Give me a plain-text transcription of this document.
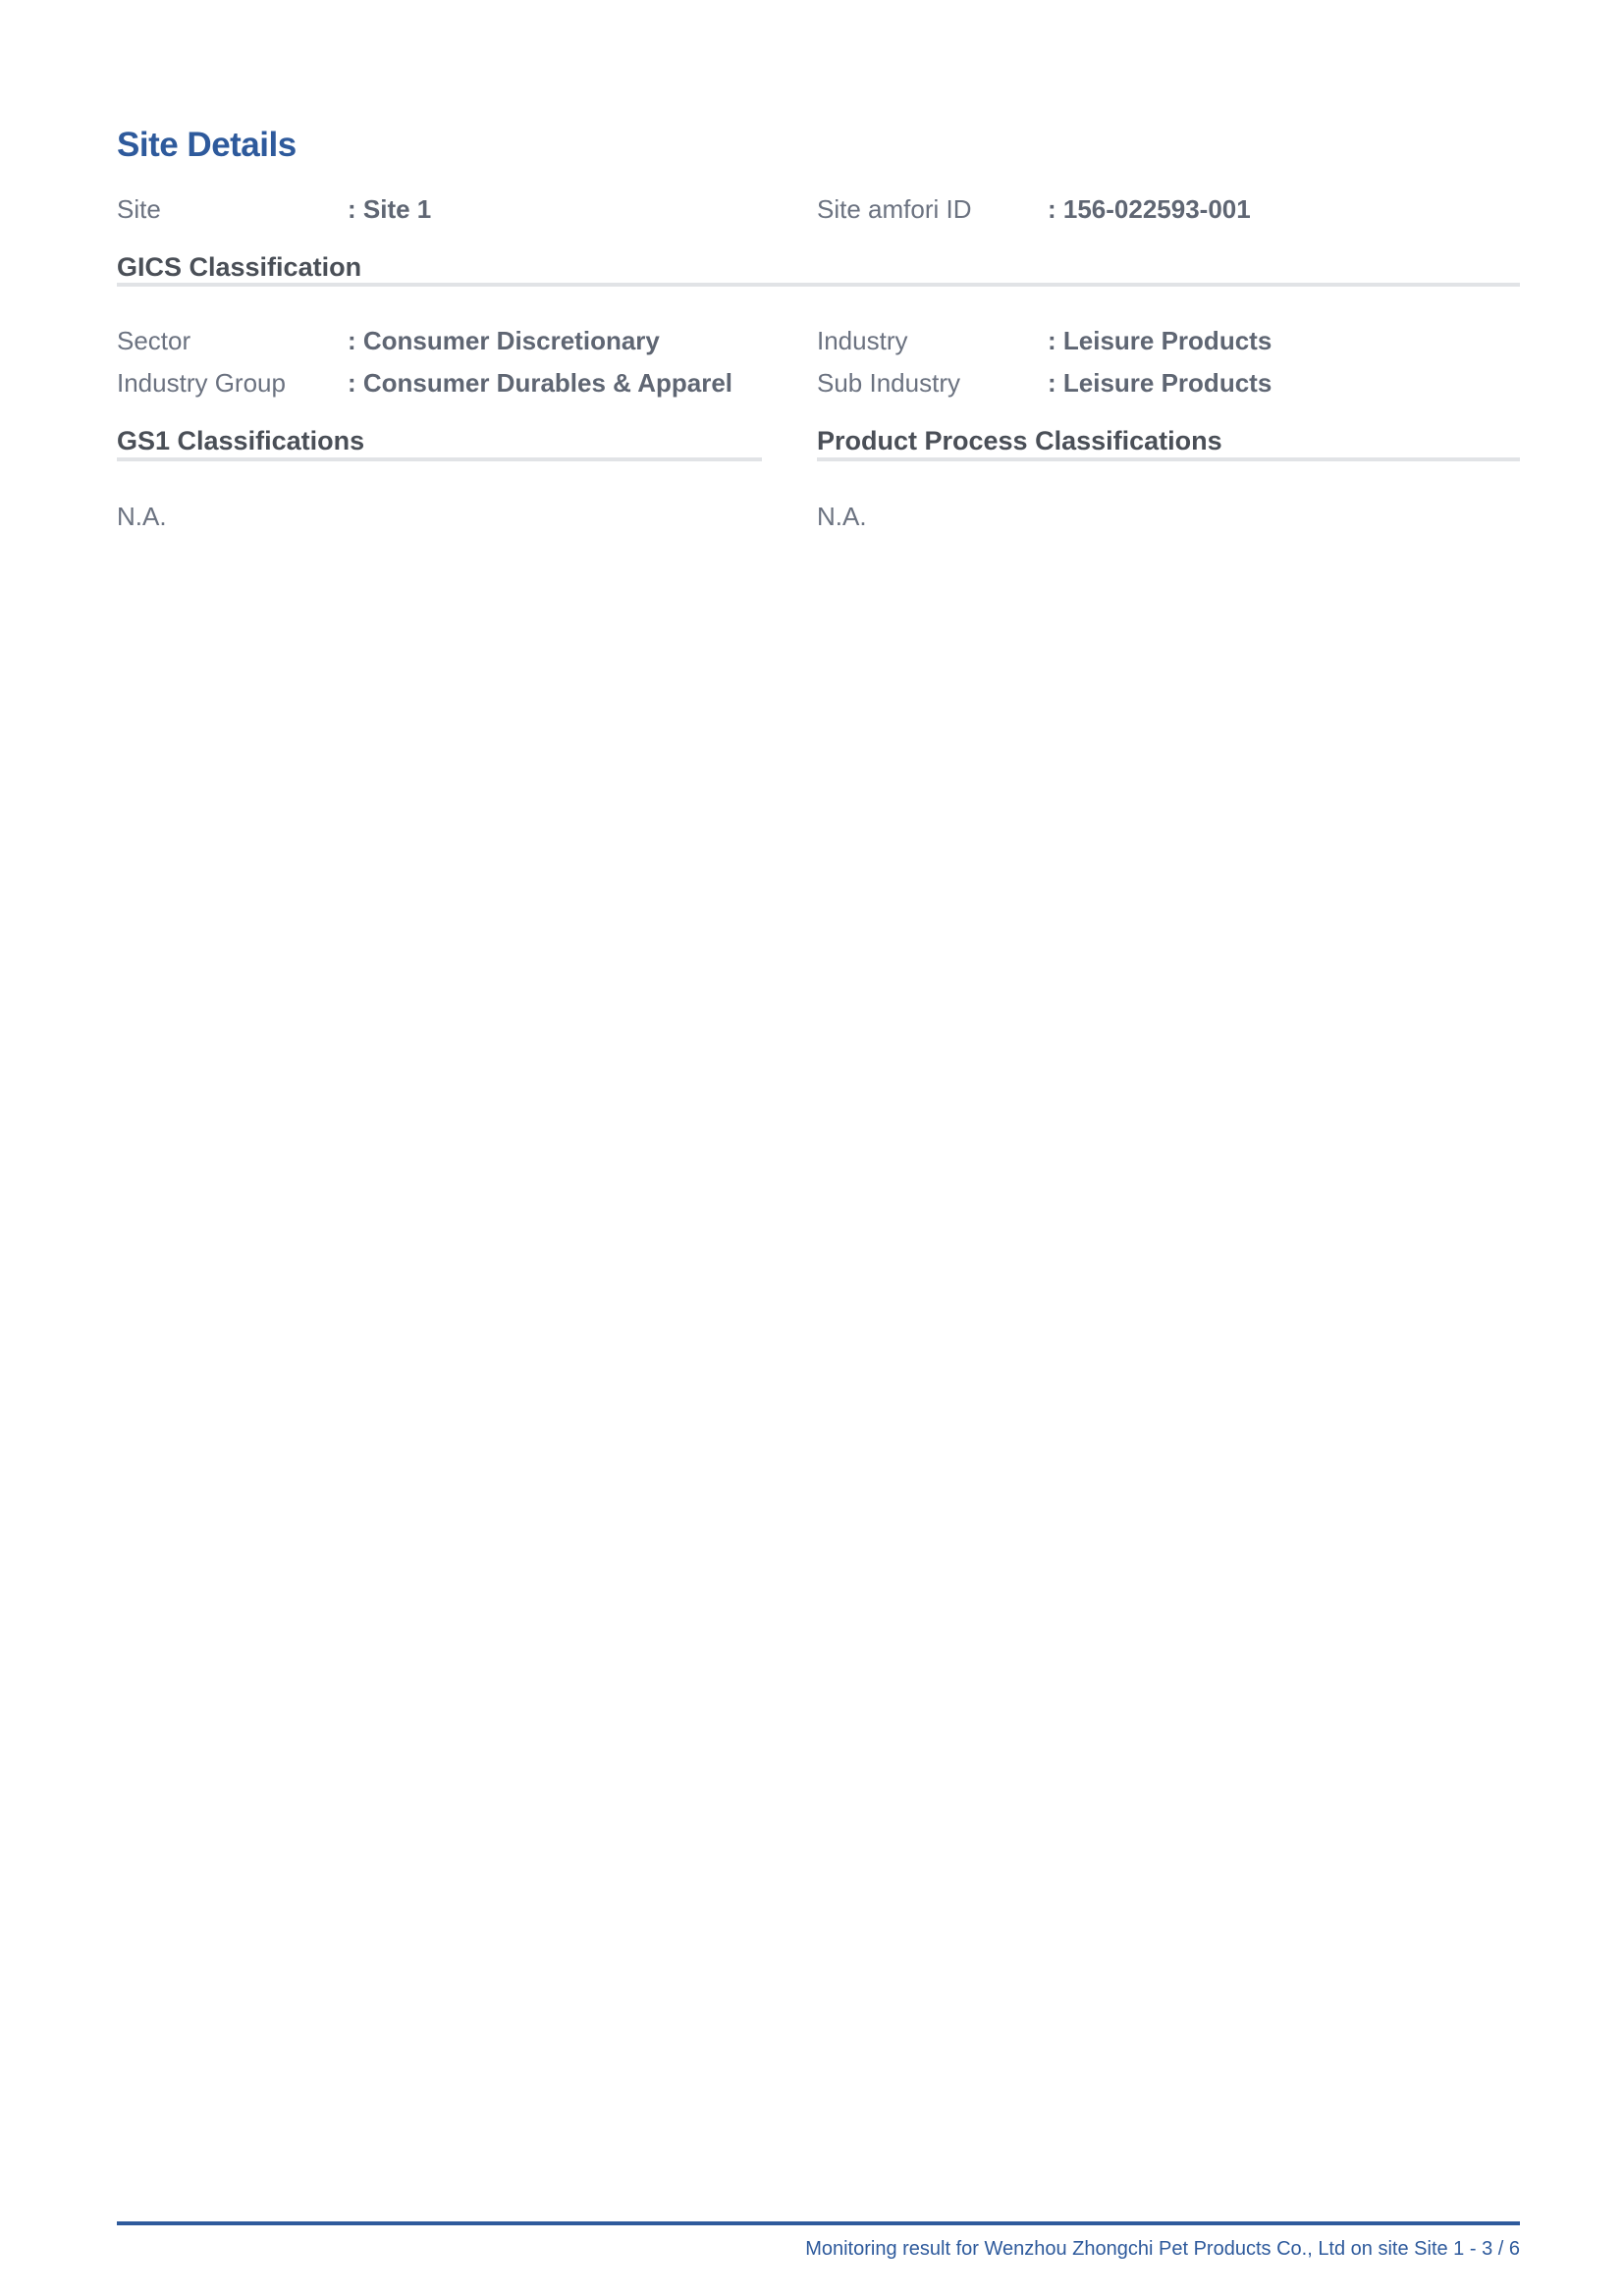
Site Details
Site	: Site 1	Site amfori ID	: 156-022593-001
GICS Classification
Sector	: Consumer Discretionary	Industry	: Leisure Products
Industry Group : Consumer Durables & Apparel	Sub Industry	: Leisure Products
GS1 Classifications
N.A.
Product Process Classifications
N.A.
Monitoring result for Wenzhou Zhongchi Pet Products Co., Ltd on site Site 1 - 3 / 6
